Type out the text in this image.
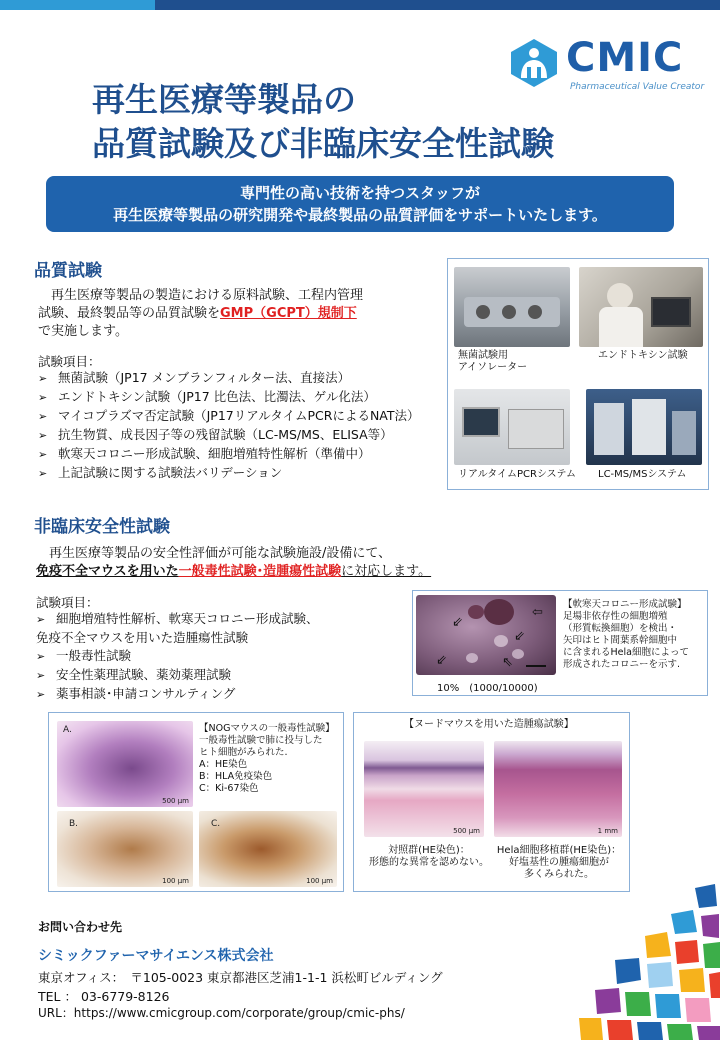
CMIC
Pharmaceutical Value Creator
再生医療等製品の
品質試験及び非臨床安全性試験
専門性の高い技術を持つスタッフが
再生医療等製品の研究開発や最終製品の品質評価をサポートいたします。
品質試験
再生医療等製品の製造における原料試験、工程内管理
試験、最終製品等の品質試験をGMP（GCPT）規制下
で実施します。
試験項目：
➢ 無菌試験（JP17 メンブランフィルター法、直接法）
➢ エンドトキシン試験（JP17 比色法、比濁法、ゲル化法）
➢ マイコプラズマ否定試験（JP17リアルタイムPCRによるNAT法）
➢ 抗生物質、成長因子等の残留試験（LC-MS/MS、ELISA等）
➢ 軟寒天コロニー形成試験、細胞増殖特性解析（準備中）
➢ 上記試験に関する試験法バリデーション
無菌試験用
アイソレーター
エンドトキシン試験
リアルタイムPCRシステム LC-MS/MSシステム
非臨床安全性試験
再生医療等製品の安全性評価が可能な試験施設/設備にて、
免疫不全マウスを用いた一般毒性試験･造腫瘍性試験に対応します。
試験項目：
➢ 細胞増殖特性解析、軟寒天コロニー形成試験、
免疫不全マウスを用いた造腫瘍性試験
➢ 一般毒性試験
➢ 安全性薬理試験、薬効薬理試験
➢ 薬事相談･申請コンサルティング
⇙
⇦
⇙
⇙	⇖
10%　(1000/10000)
【軟寒天コロニー形成試験】
足場非依存性の細胞増殖
（形質転換細胞）を検出・
矢印はヒト間葉系幹細胞中
に含まれるHela細胞によって
形成されたコロニーを示す.
A.
500 μm
【NOGマウスの一般毒性試験】
一般毒性試験で肺に投与した
ヒト細胞がみられた.
A：HE染色
B：HLA免疫染色
C：Ki-67染色
B.
100 μm
C.
100 μm
【ヌードマウスを用いた造腫瘍試験】
500 μm	1 mm
対照群(HE染色)：
形態的な異常を認めない。
Hela細胞移植群(HE染色)：
好塩基性の腫瘍細胞が
多くみられた。
お問い合わせ先
シミックファーマサイエンス株式会社
東京オフィス：　〒105-0023 東京都港区芝浦1-1-1 浜松町ビルディング
TEL ： 03-6779-8126
URL：https://www.cmicgroup.com/corporate/group/cmic-phs/
